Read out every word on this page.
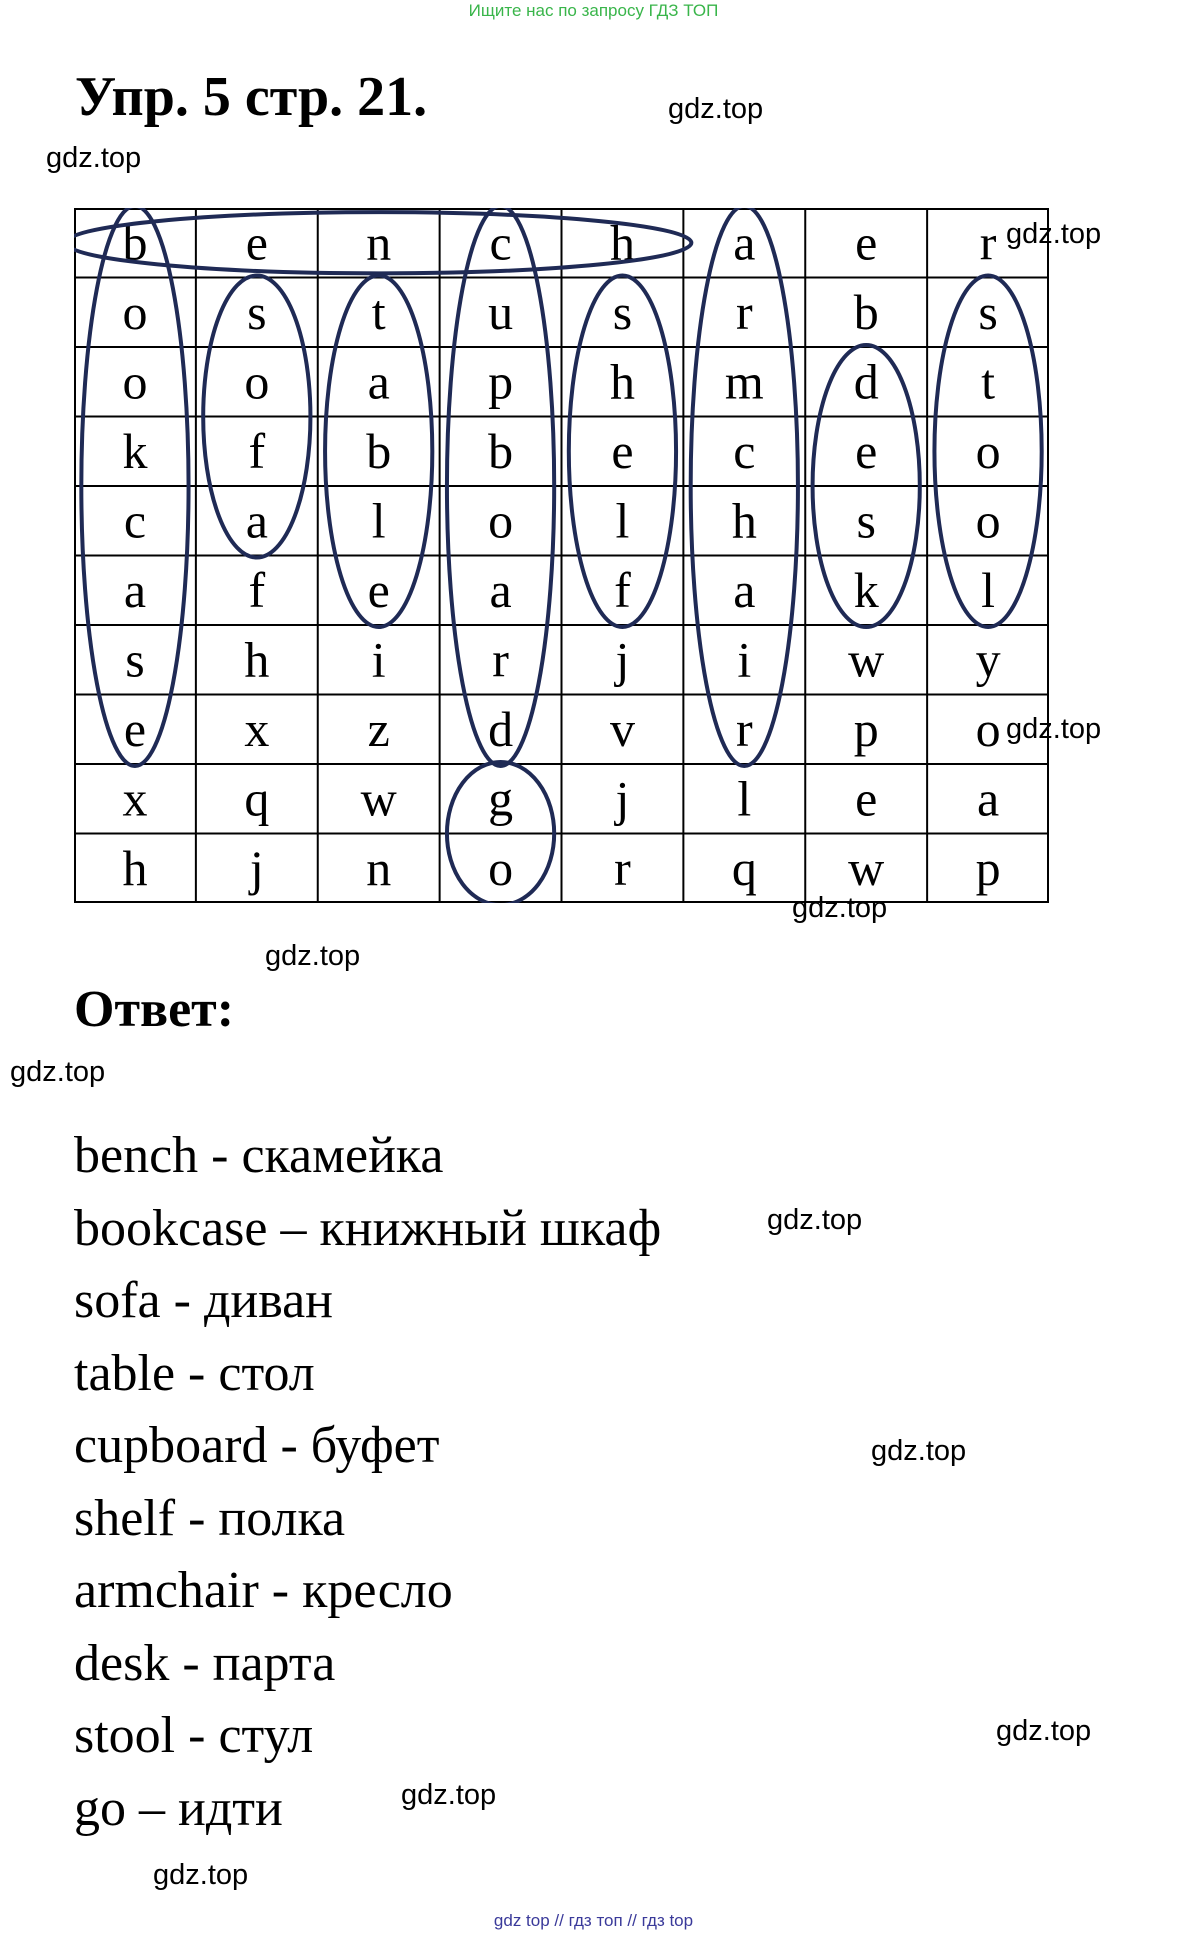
Ищите нас по запросу ГДЗ ТОП
Упр. 5 стр. 21.	gdz.top
gdz.top
b e n c h a e r
o s t u s r b s
o o a p h m d t
k f b b e c e o
c a l o l h s o
a f e a f a k l
s h i r j i w y
e x z d v r p o
x q w g j l e a
h j n o r q w p
gdz.top
gdz.top
gdz.top
gdz.top
Ответ:
gdz.top
bench - скамейка
bookcase – книжный шкаф
sofa - диван
table - стол
cupboard - буфет
shelf - полка
armchair - кресло
desk - парта
stool - стул
go – идти
gdz.top
gdz.top
gdz.top
gdz.top
gdz.top
gdz top // гдз топ // гдз top
